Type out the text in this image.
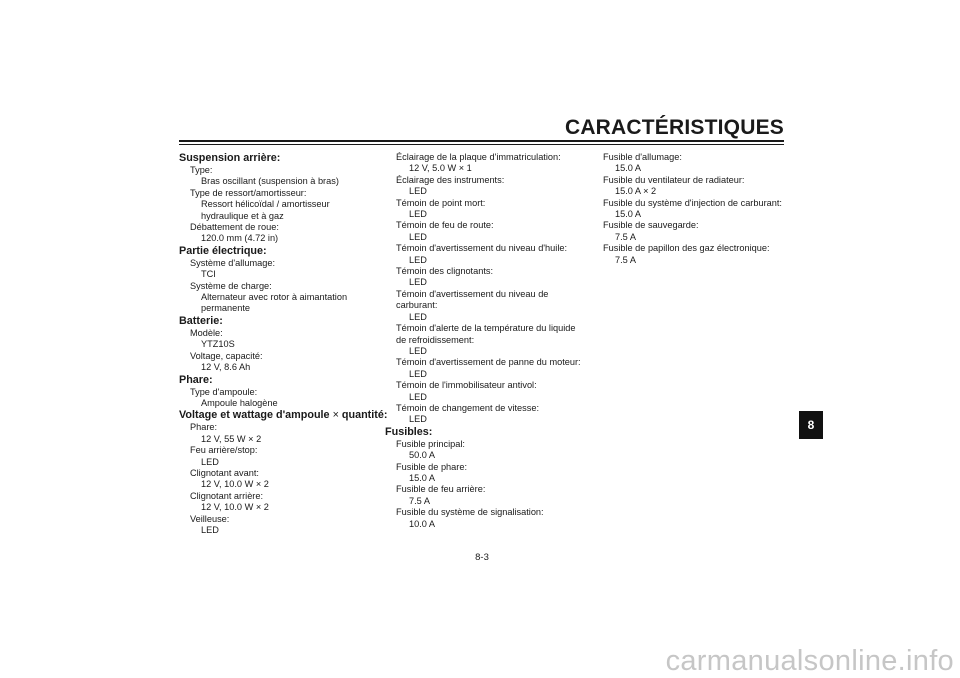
CARACTÉRISTIQUES
Suspension arrière:
Type:
Bras oscillant (suspension à bras)
Type de ressort/amortisseur:
Ressort hélicoïdal / amortisseur
hydraulique et à gaz
Débattement de roue:
120.0 mm (4.72 in)
Partie électrique:
Système d'allumage:
TCI
Système de charge:
Alternateur avec rotor à aimantation
permanente
Batterie:
Modèle:
YTZ10S
Voltage, capacité:
12 V, 8.6 Ah
Phare:
Type d'ampoule:
Ampoule halogène
Voltage et wattage d'ampoule × quantité:
Phare:
12 V, 55 W × 2
Feu arrière/stop:
LED
Clignotant avant:
12 V, 10.0 W × 2
Clignotant arrière:
12 V, 10.0 W × 2
Veilleuse:
LED
Éclairage de la plaque d'immatriculation:
12 V, 5.0 W × 1
Éclairage des instruments:
LED
Témoin de point mort:
LED
Témoin de feu de route:
LED
Témoin d'avertissement du niveau d'huile:
LED
Témoin des clignotants:
LED
Témoin d'avertissement du niveau de
carburant:
LED
Témoin d'alerte de la température du liquide
de refroidissement:
LED
Témoin d'avertissement de panne du moteur:
LED
Témoin de l'immobilisateur antivol:
LED
Témoin de changement de vitesse:
LED
Fusibles:
Fusible principal:
50.0 A
Fusible de phare:
15.0 A
Fusible de feu arrière:
7.5 A
Fusible du système de signalisation:
10.0 A
Fusible d'allumage:
15.0 A
Fusible du ventilateur de radiateur:
15.0 A × 2
Fusible du système d'injection de carburant:
15.0 A
Fusible de sauvegarde:
7.5 A
Fusible de papillon des gaz électronique:
7.5 A
8
8-3
carmanualsonline.info
